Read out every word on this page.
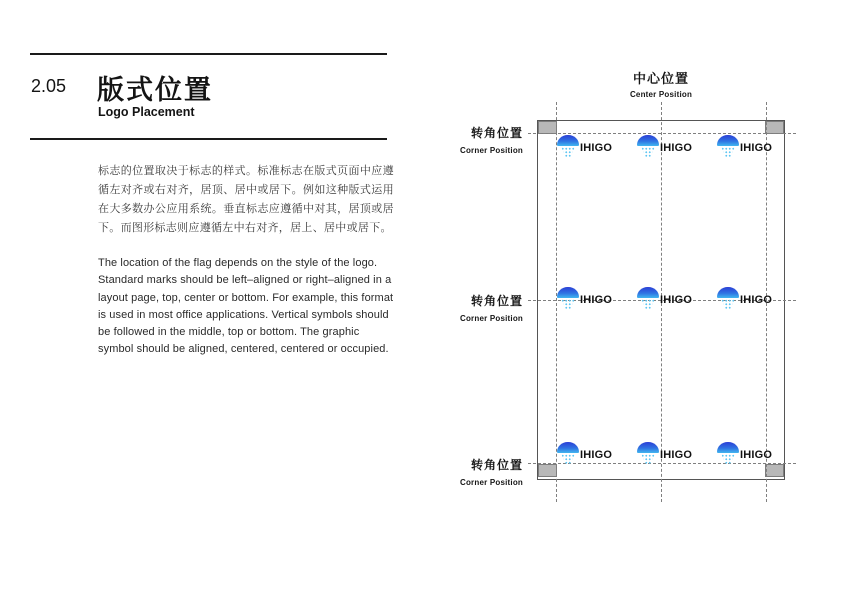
2.05 版式位置
Logo Placement

标志的位置取决于标志的样式。标准标志在版式页面中应遵循左对齐或右对齐，居顶、居中或居下。例如这种版式运用在大多数办公应用系统。垂直标志应遵循中对其，居顶或居下。而图形标志则应遵循左中右对齐，居上、居中或居下。

The location of the flag depends on the style of the logo. Standard marks should be left–aligned or right–aligned in a layout page, top, center or bottom. For example, this format is used in most office applications. Vertical symbols should be followed in the middle, top or bottom. The graphic symbol should be aligned, centered, centered or occupied.

中心位置
Center Position
转角位置
Corner Position
转角位置
Corner Position
转角位置
Corner Position
IHIGO	IHIGO	IHIGO
IHIGO	IHIGO	IHIGO
IHIGO	IHIGO	IHIGO
